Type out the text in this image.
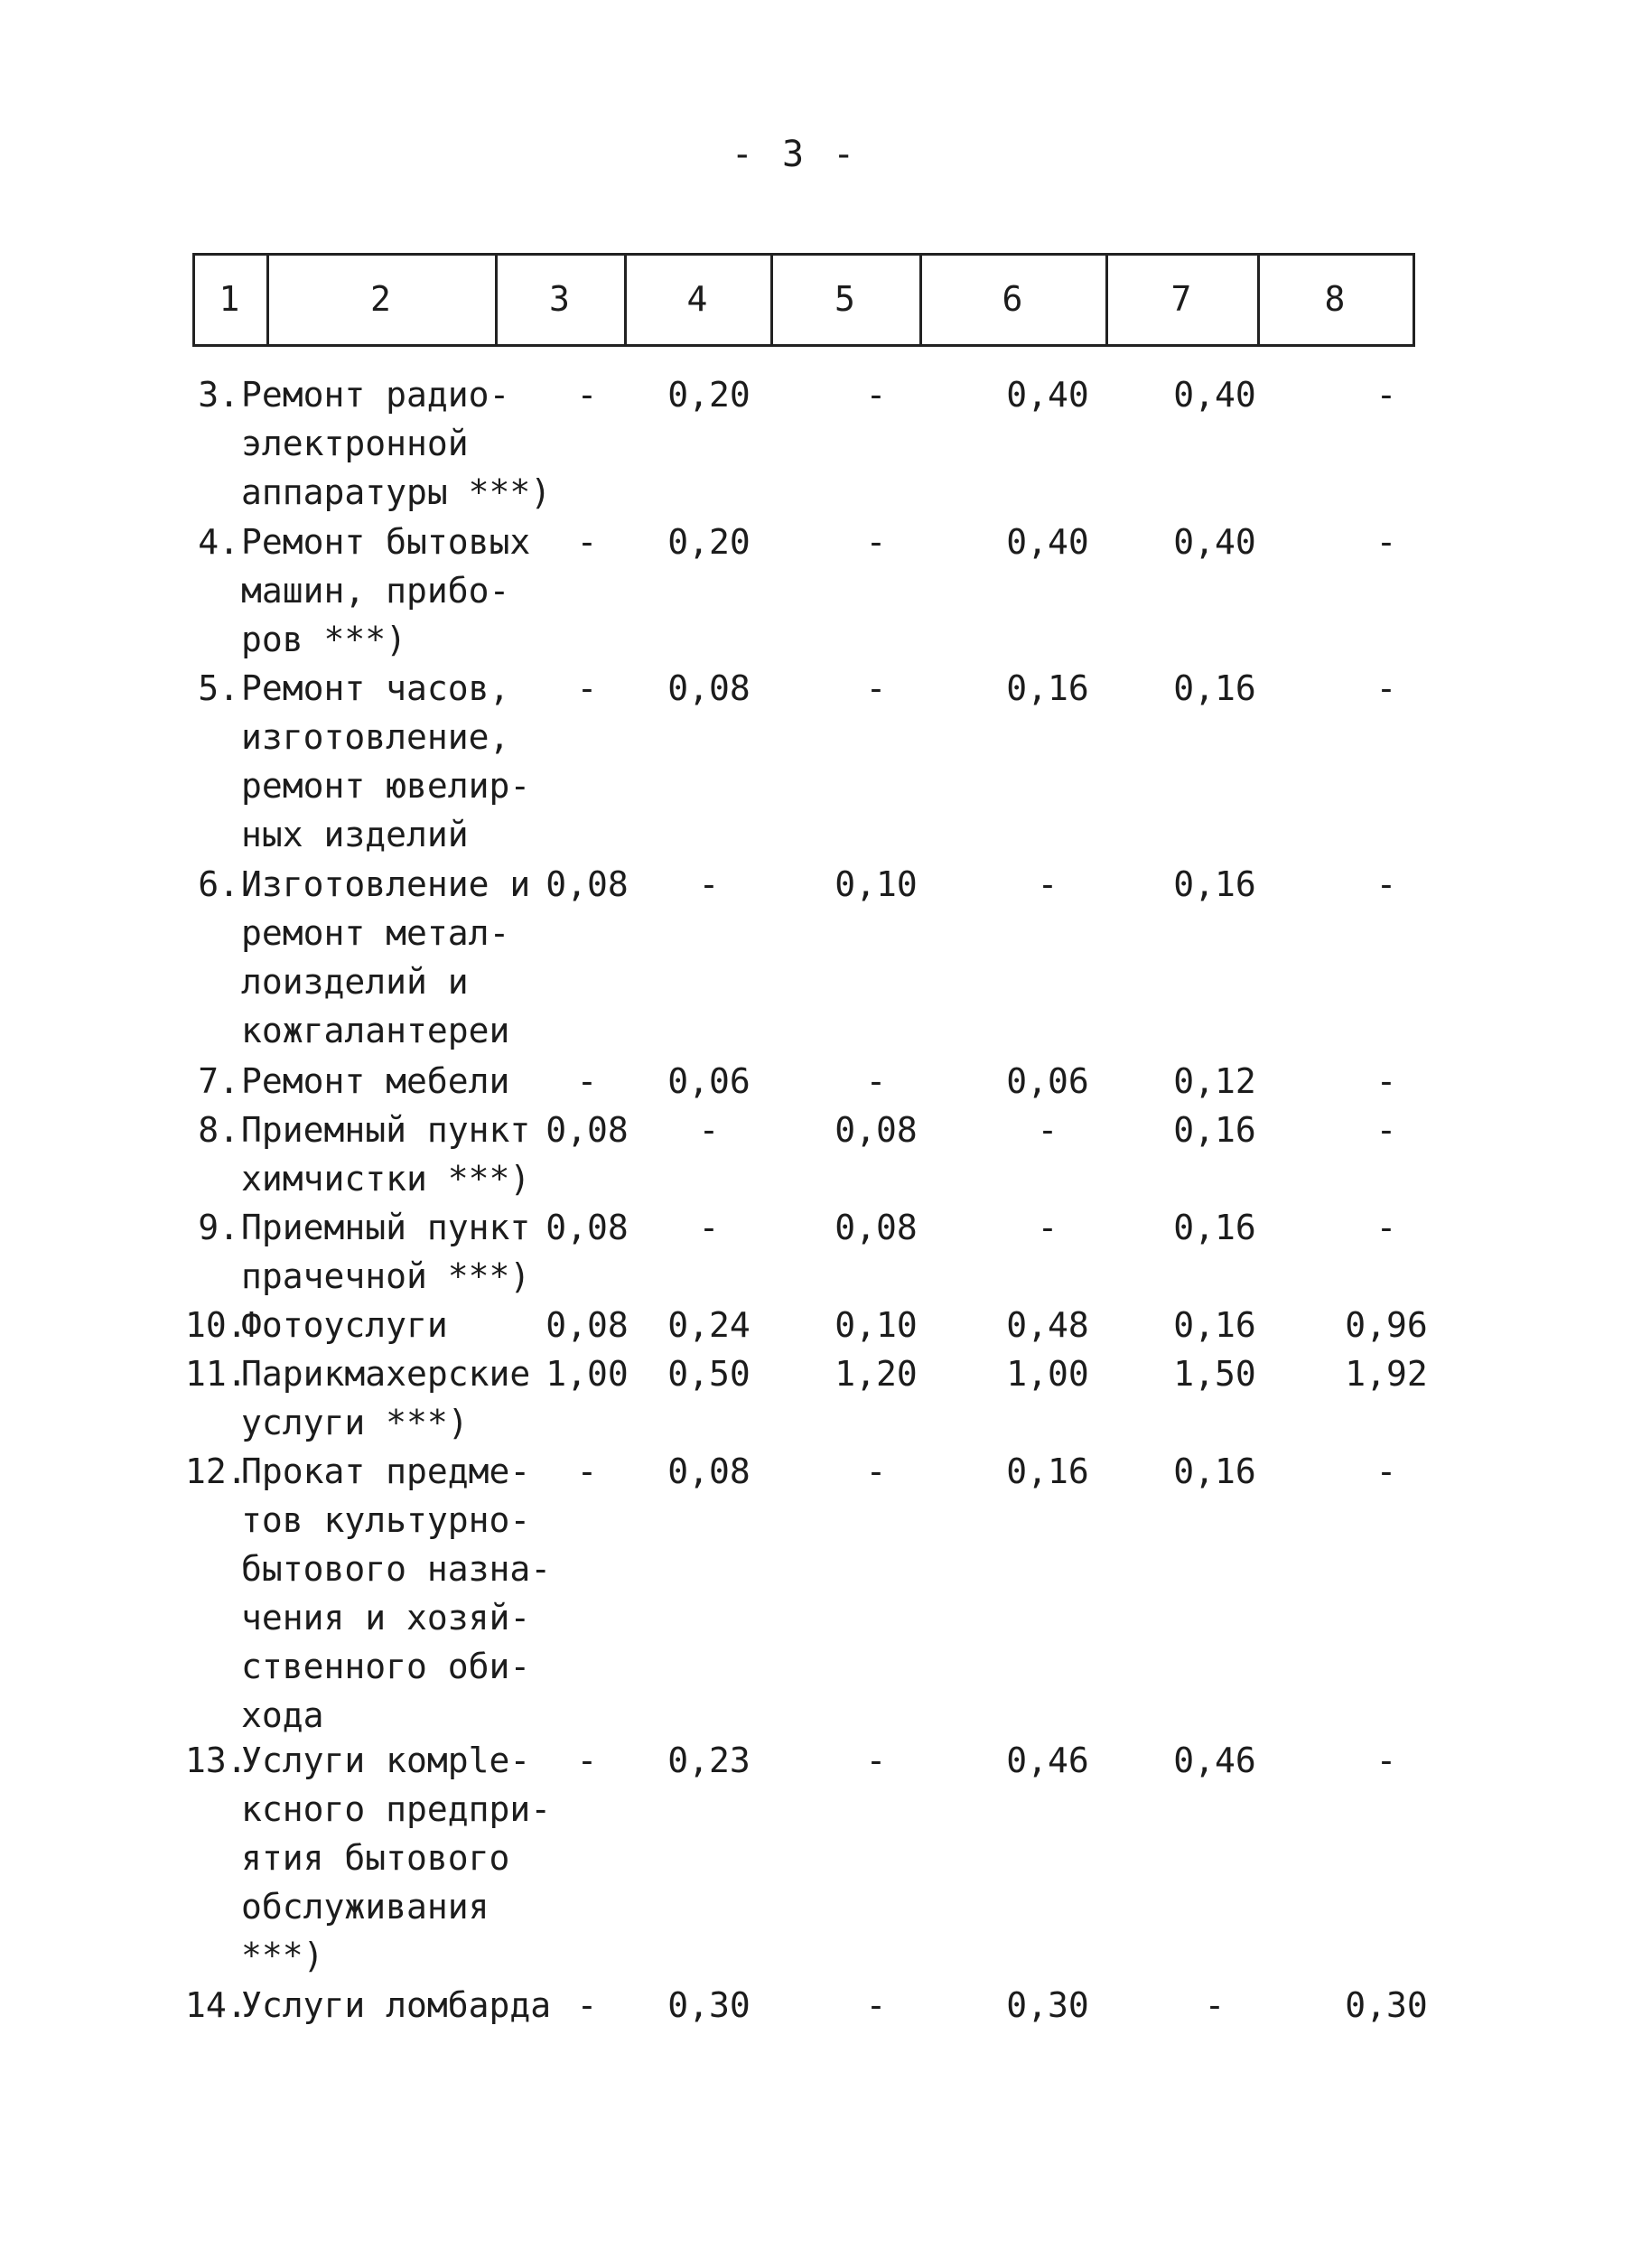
- 3 -
1	2	3	4	5	6	7	8
3. Ремонт радио-
электронной
аппаратуры ***)
-	0,20	-	0,40	0,40	-
4. Ремонт бытовых
машин, прибо-
ров ***)
-	0,20	-	0,40	0,40	-
5. Ремонт часов,
изготовление,
ремонт ювелир-
ных изделий
-	0,08	-	0,16	0,16	-
6. Изготовление и
ремонт метал-
лоизделий и
кожгалантереи
0,08	-	0,10	-	0,16	-
7. Ремонт мебели	-	0,06	-	0,06	0,12	-
8. Приемный пункт
химчистки ***)
0,08	-	0,08	-	0,16	-
9. Приемный пункт
прачечной ***)
0,08	-	0,08	-	0,16	-
10.
Фотоуслуги	0,08	0,24	0,10	0,48	0,16	0,96
11.
Парикмахерские
услуги ***)
1,00	0,50	1,20	1,00	1,50	1,92
12.
Прокат предме-
тов культурно-
бытового назна-
чения и хозяй-
ственного оби-
хода
-	0,08	-	0,16	0,16	-
13.
Услуги комple-
ксного предпри-
ятия бытового
обслуживания
***)
-	0,23	-	0,46	0,46	-
14.
Услуги ломбарда -	0,30	-	0,30	-	0,30
